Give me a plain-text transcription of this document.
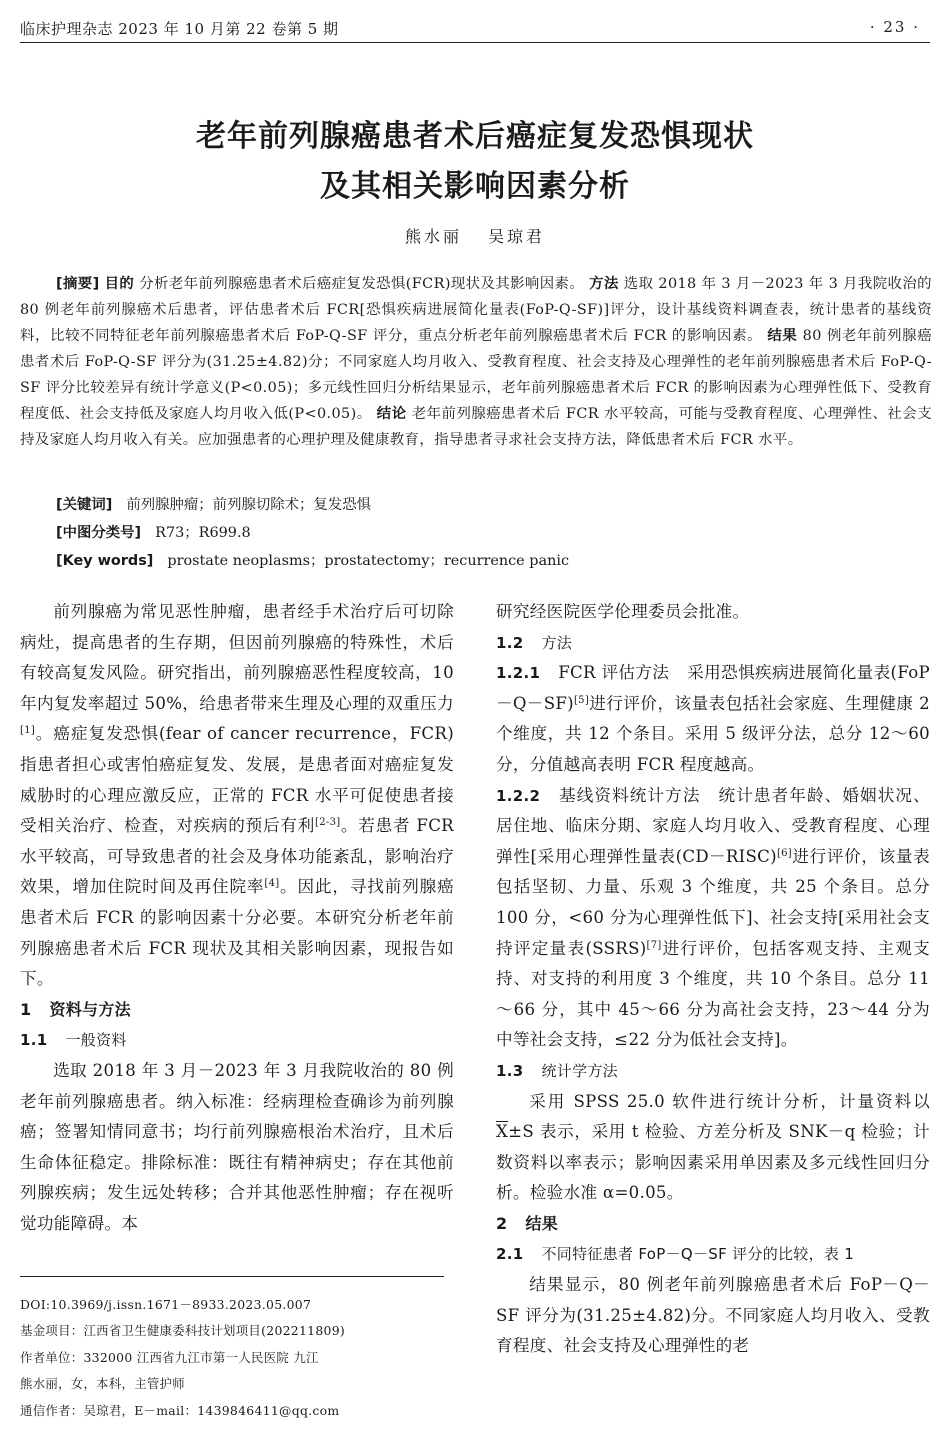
临床护理杂志 2023 年 10 月第 22 卷第 5 期	· 23 ·
老年前列腺癌患者术后癌症复发恐惧现状
及其相关影响因素分析
熊水丽 吴琼君

[摘要] 目的 分析老年前列腺癌患者术后癌症复发恐惧(FCR)现状及其影响因素。 方法 选取 2018 年 3 月－2023 年 3 月我院收治的 80 例老年前列腺癌术后患者，评估患者术后 FCR[恐惧疾病进展简化量表(FoP-Q-SF)]评分，设计基线资料调查表，统计患者的基线资料，比较不同特征老年前列腺癌患者术后 FoP-Q-SF 评分，重点分析老年前列腺癌患者术后 FCR 的影响因素。 结果 80 例老年前列腺癌患者术后 FoP-Q-SF 评分为(31.25±4.82)分；不同家庭人均月收入、受教育程度、社会支持及心理弹性的老年前列腺癌患者术后 FoP-Q-SF 评分比较差异有统计学意义(P<0.05)；多元线性回归分析结果显示，老年前列腺癌患者术后 FCR 的影响因素为心理弹性低下、受教育程度低、社会支持低及家庭人均月收入低(P<0.05)。 结论 老年前列腺癌患者术后 FCR 水平较高，可能与受教育程度、心理弹性、社会支持及家庭人均月收入有关。应加强患者的心理护理及健康教育，指导患者寻求社会支持方法，降低患者术后 FCR 水平。

[关键词] 前列腺肿瘤；前列腺切除术；复发恐惧
[中图分类号] R73；R699.8
[Key words] prostate neoplasms；prostatectomy；recurrence panic

前列腺癌为常见恶性肿瘤，患者经手术治疗后可切除病灶，提高患者的生存期，但因前列腺癌的特殊性，术后有较高复发风险。研究指出，前列腺癌恶性程度较高，10 年内复发率超过 50%，给患者带来生理及心理的双重压力[1]。癌症复发恐惧(fear of cancer recurrence，FCR)指患者担心或害怕癌症复发、发展，是患者面对癌症复发威胁时的心理应激反应，正常的 FCR 水平可促使患者接受相关治疗、检查，对疾病的预后有利[2-3]。若患者 FCR 水平较高，可导致患者的社会及身体功能紊乱，影响治疗效果，增加住院时间及再住院率[4]。因此，寻找前列腺癌患者术后 FCR 的影响因素十分必要。本研究分析老年前列腺癌患者术后 FCR 现状及其相关影响因素，现报告如下。

1 资料与方法

1.1 一般资料

选取 2018 年 3 月－2023 年 3 月我院收治的 80 例老年前列腺癌患者。纳入标准：经病理检查确诊为前列腺癌；签署知情同意书；均行前列腺癌根治术治疗，且术后生命体征稳定。排除标准：既往有精神病史；存在其他前列腺疾病；发生远处转移；合并其他恶性肿瘤；存在视听觉功能障碍。本

研究经医院医学伦理委员会批准。

1.2 方法

1.2.1 FCR 评估方法 采用恐惧疾病进展简化量表(FoP－Q－SF)[5]进行评价，该量表包括社会家庭、生理健康 2 个维度，共 12 个条目。采用 5 级评分法，总分 12～60 分，分值越高表明 FCR 程度越高。

1.2.2 基线资料统计方法 统计患者年龄、婚姻状况、居住地、临床分期、家庭人均月收入、受教育程度、心理弹性[采用心理弹性量表(CD－RISC)[6]进行评价，该量表包括坚韧、力量、乐观 3 个维度，共 25 个条目。总分 100 分，<60 分为心理弹性低下]、社会支持[采用社会支持评定量表(SSRS)[7]进行评价，包括客观支持、主观支持、对支持的利用度 3 个维度，共 10 个条目。总分 11～66 分，其中 45～66 分为高社会支持，23～44 分为中等社会支持，≤22 分为低社会支持]。

1.3 统计学方法

采用 SPSS 25.0 软件进行统计分析，计量资料以 $\overline{X}\pm S$ 表示，采用 t 检验、方差分析及 SNK－q 检验；计数资料以率表示；影响因素采用单因素及多元线性回归分析。检验水准 α=0.05。

2 结果

2.1 不同特征患者 FoP－Q－SF 评分的比较，表 1

结果显示，80 例老年前列腺癌患者术后 FoP－Q－SF 评分为(31.25±4.82)分。不同家庭人均月收入、受教育程度、社会支持及心理弹性的老

DOI:10.3969/j.issn.1671－8933.2023.05.007

基金项目：江西省卫生健康委科技计划项目(202211809)

作者单位：332000 江西省九江市第一人民医院 九江

熊水丽，女，本科，主管护师

通信作者：吴琼君，E－mail：1439846411@qq.com
